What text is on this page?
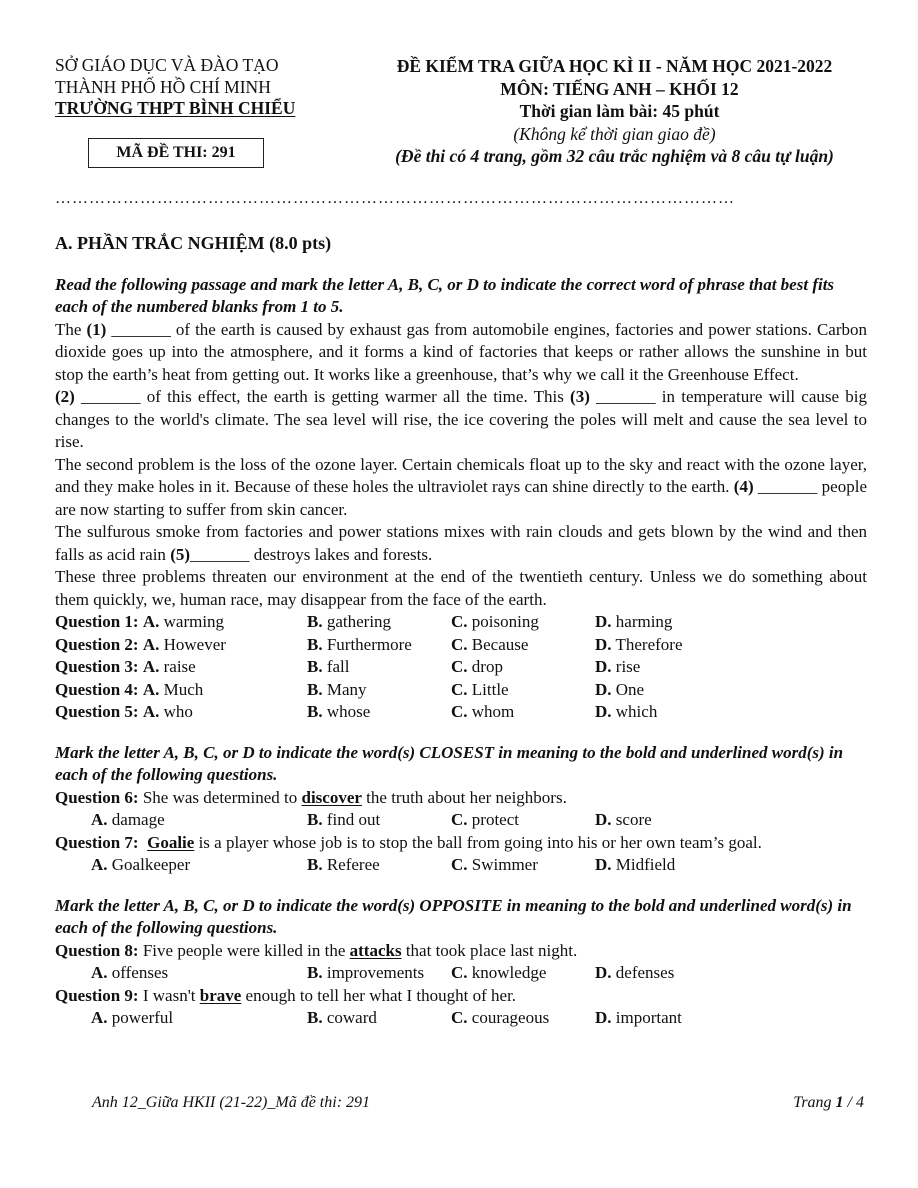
SỞ GIÁO DỤC VÀ ĐÀO TẠO
THÀNH PHỐ HỒ CHÍ MINH
TRƯỜNG THPT BÌNH CHIỂU
MÃ ĐỀ THI: 291
ĐỀ KIỂM TRA GIỮA HỌC KÌ II - NĂM HỌC 2021-2022
MÔN: TIẾNG ANH – KHỐI 12
Thời gian làm bài: 45 phút
(Không kể thời gian giao đề)
(Đề thi có 4 trang, gồm 32 câu trắc nghiệm và 8 câu tự luận)
…………………………………………………………………………………………………………
A. PHẦN TRẮC NGHIỆM (8.0 pts)

Read the following passage and mark the letter A, B, C, or D to indicate the correct word of phrase that best fits each of the numbered blanks from 1 to 5.

The (1) _______ of the earth is caused by exhaust gas from automobile engines, factories and power stations. Carbon dioxide goes up into the atmosphere, and it forms a kind of factories that keeps or rather allows the sunshine in but stop the earth’s heat from getting out. It works like a greenhouse, that’s why we call it the Greenhouse Effect.

(2) _______ of this effect, the earth is getting warmer all the time. This (3) _______ in temperature will cause big changes to the world's climate. The sea level will rise, the ice covering the poles will melt and cause the sea level to rise.

The second problem is the loss of the ozone layer. Certain chemicals float up to the sky and react with the ozone layer, and they make holes in it. Because of these holes the ultraviolet rays can shine directly to the earth. (4) _______ people are now starting to suffer from skin cancer.

The sulfurous smoke from factories and power stations mixes with rain clouds and gets blown by the wind and then falls as acid rain (5)_______ destroys lakes and forests.

These three problems threaten our environment at the end of the twentieth century. Unless we do something about them quickly, we, human race, may disappear from the face of the earth.

Question 1: A. warming	B. gathering	C. poisoning	D. harming
Question 2: A. However	B. Furthermore	C. Because	D. Therefore
Question 3: A. raise	B. fall	C. drop	D. rise
Question 4: A. Much	B. Many	C. Little	D. One
Question 5: A. who	B. whose	C. whom	D. which

Mark the letter A, B, C, or D to indicate the word(s) CLOSEST in meaning to the bold and underlined word(s) in each of the following questions.

Question 6: She was determined to discover the truth about her neighbors.

A. damage	B. find out	C. protect	D. score

Question 7: Goalie is a player whose job is to stop the ball from going into his or her own team’s goal.

A. Goalkeeper	B. Referee	C. Swimmer	D. Midfield

Mark the letter A, B, C, or D to indicate the word(s) OPPOSITE in meaning to the bold and underlined word(s) in each of the following questions.

Question 8: Five people were killed in the attacks that took place last night.

A. offenses	B. improvements	C. knowledge	D. defenses

Question 9: I wasn't brave enough to tell her what I thought of her.

A. powerful	B. coward	C. courageous	D. important
Anh 12_Giữa HKII (21-22)_Mã đề thi: 291	Trang 1 / 4
